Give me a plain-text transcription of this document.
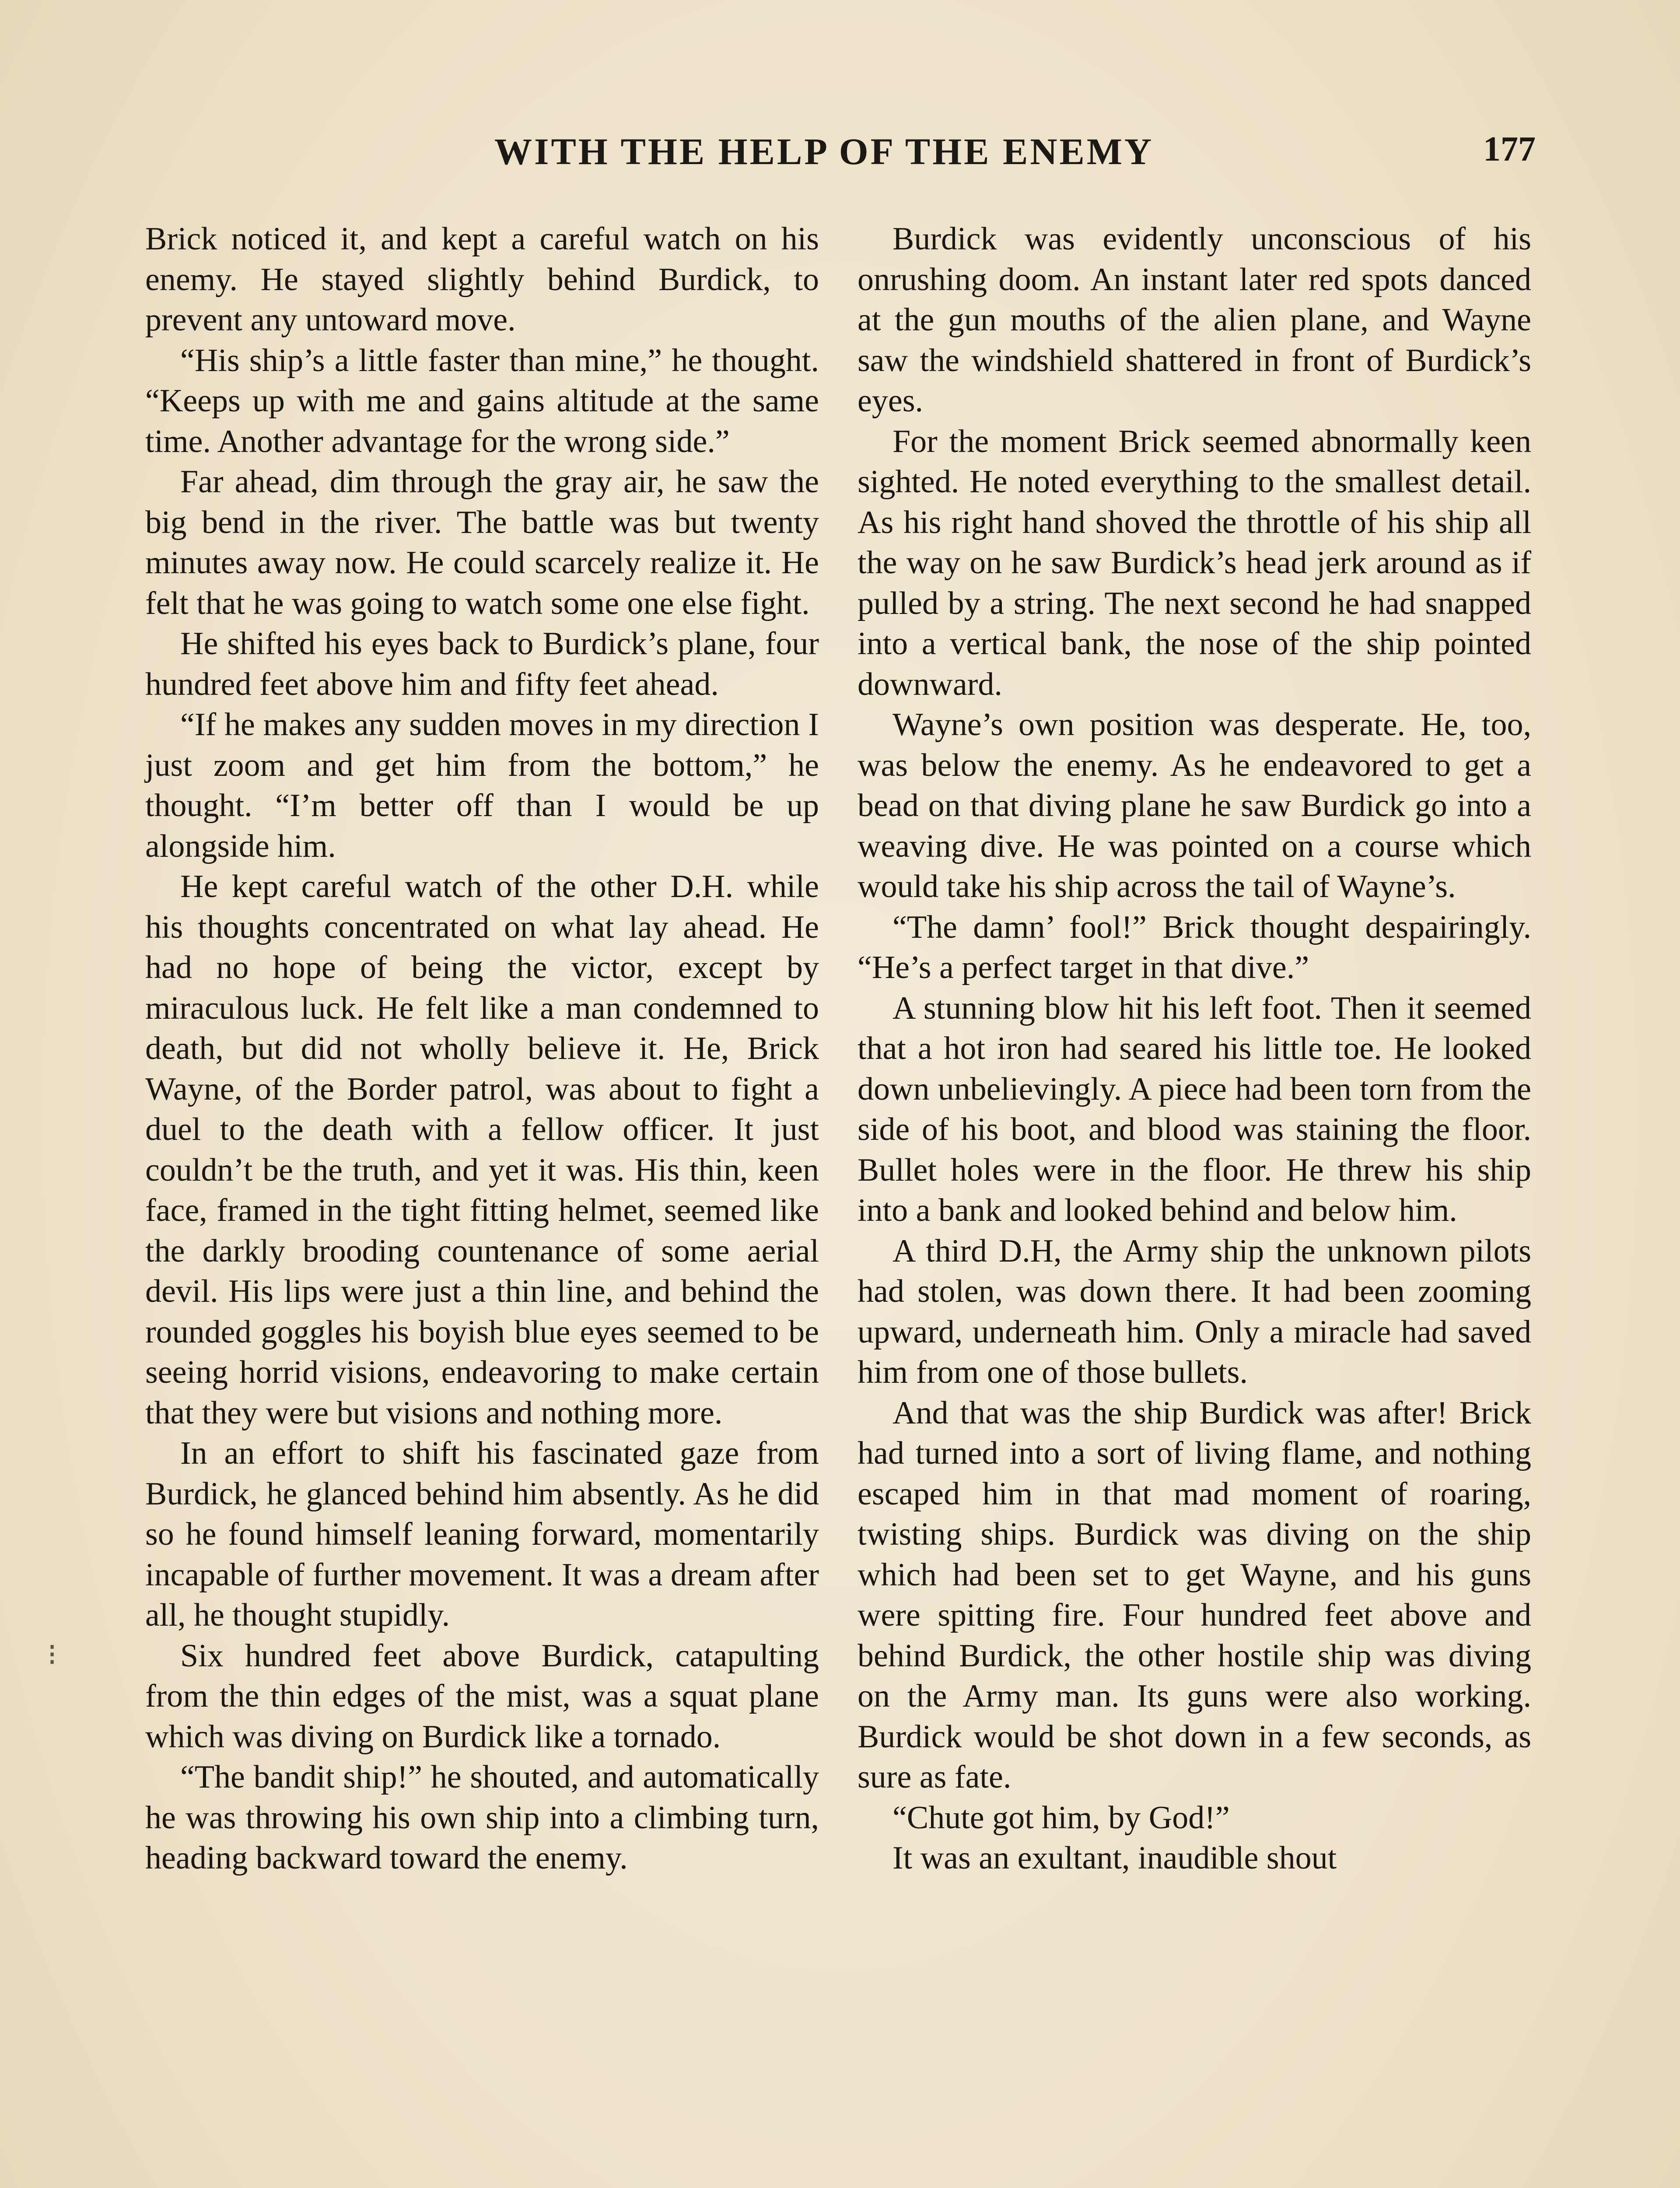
WITH THE HELP OF THE ENEMY	177

Brick noticed it, and kept a careful watch on his enemy. He stayed slightly behind Burdick, to prevent any untoward move.

“His ship’s a little faster than mine,” he thought. “Keeps up with me and gains altitude at the same time. Another advantage for the wrong side.”

Far ahead, dim through the gray air, he saw the big bend in the river. The battle was but twenty minutes away now. He could scarcely realize it. He felt that he was going to watch some one else fight.

He shifted his eyes back to Burdick’s plane, four hundred feet above him and fifty feet ahead.

“If he makes any sudden moves in my direction I just zoom and get him from the bottom,” he thought. “I’m better off than I would be up alongside him.

He kept careful watch of the other D.H. while his thoughts concentrated on what lay ahead. He had no hope of being the victor, except by miraculous luck. He felt like a man condemned to death, but did not wholly believe it. He, Brick Wayne, of the Border patrol, was about to fight a duel to the death with a fellow officer. It just couldn’t be the truth, and yet it was. His thin, keen face, framed in the tight fitting helmet, seemed like the darkly brooding countenance of some aerial devil. His lips were just a thin line, and behind the rounded goggles his boyish blue eyes seemed to be seeing horrid visions, endeavoring to make certain that they were but visions and nothing more.

In an effort to shift his fascinated gaze from Burdick, he glanced behind him absently. As he did so he found himself leaning forward, momentarily incapable of further movement. It was a dream after all, he thought stupidly.

Six hundred feet above Burdick, catapulting from the thin edges of the mist, was a squat plane which was diving on Burdick like a tornado.

“The bandit ship!” he shouted, and automatically he was throwing his own ship into a climbing turn, heading backward toward the enemy.

Burdick was evidently unconscious of his onrushing doom. An instant later red spots danced at the gun mouths of the alien plane, and Wayne saw the windshield shattered in front of Burdick’s eyes.

For the moment Brick seemed abnormally keen sighted. He noted everything to the smallest detail. As his right hand shoved the throttle of his ship all the way on he saw Burdick’s head jerk around as if pulled by a string. The next second he had snapped into a vertical bank, the nose of the ship pointed downward.

Wayne’s own position was desperate. He, too, was below the enemy. As he endeavored to get a bead on that diving plane he saw Burdick go into a weaving dive. He was pointed on a course which would take his ship across the tail of Wayne’s.

“The damn’ fool!” Brick thought despairingly. “He’s a perfect target in that dive.”

A stunning blow hit his left foot. Then it seemed that a hot iron had seared his little toe. He looked down unbelievingly. A piece had been torn from the side of his boot, and blood was staining the floor. Bullet holes were in the floor. He threw his ship into a bank and looked behind and below him.

A third D.H, the Army ship the unknown pilots had stolen, was down there. It had been zooming upward, underneath him. Only a miracle had saved him from one of those bullets.

And that was the ship Burdick was after! Brick had turned into a sort of living flame, and nothing escaped him in that mad moment of roaring, twisting ships. Burdick was diving on the ship which had been set to get Wayne, and his guns were spitting fire. Four hundred feet above and behind Burdick, the other hostile ship was diving on the Army man. Its guns were also working. Burdick would be shot down in a few seconds, as sure as fate.

“Chute got him, by God!”

It was an exultant, inaudible shout

⁝
